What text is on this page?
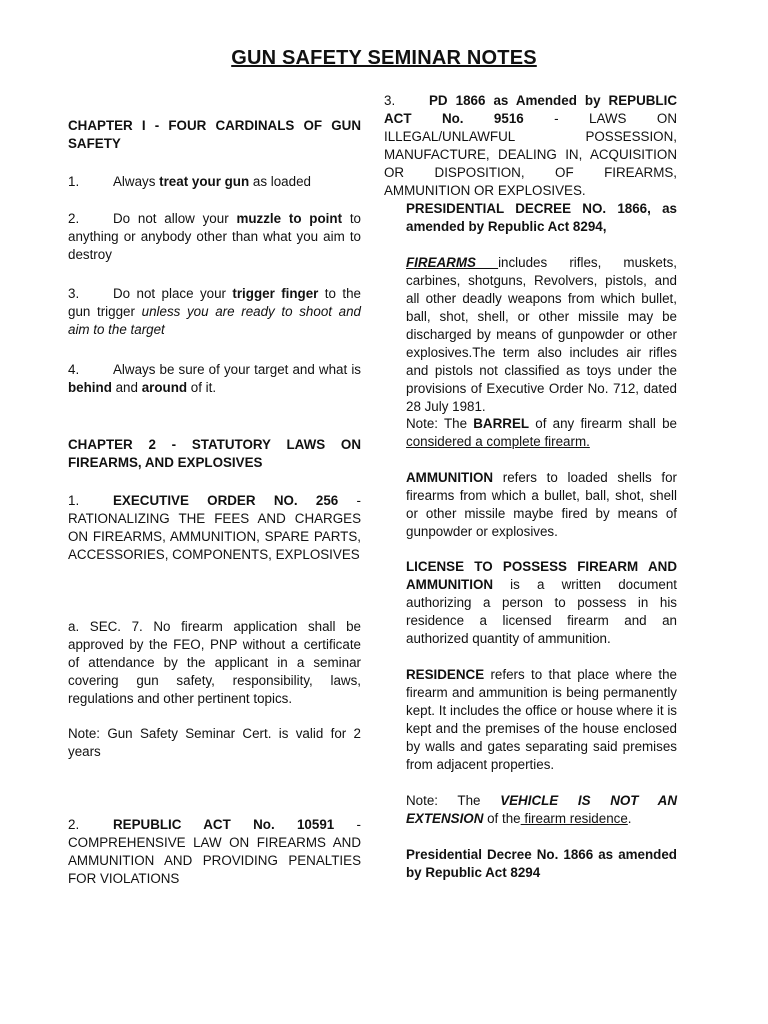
GUN SAFETY SEMINAR NOTES

CHAPTER I - FOUR CARDINALS OF GUN SAFETY

1.	Always treat your gun as loaded

2.	Do not allow your muzzle to point to anything or anybody other than what you aim to destroy

3.	Do not place your trigger finger to the gun trigger unless you are ready to shoot and aim to the target

4.	Always be sure of your target and what is behind and around of it.

CHAPTER 2 - STATUTORY LAWS ON FIREARMS, AND EXPLOSIVES

1.	EXECUTIVE ORDER NO. 256 - RATIONALIZING THE FEES AND CHARGES ON FIREARMS, AMMUNITION, SPARE PARTS, ACCESSORIES, COMPONENTS, EXPLOSIVES

a. SEC. 7. No firearm application shall be approved by the FEO, PNP without a certificate of attendance by the applicant in a seminar covering gun safety, responsibility, laws, regulations and other pertinent topics.

Note: Gun Safety Seminar Cert. is valid for 2 years

2.	REPUBLIC ACT No. 10591 - COMPREHENSIVE LAW ON FIREARMS AND AMMUNITION AND PROVIDING PENALTIES FOR VIOLATIONS

3.	PD 1866 as Amended by REPUBLIC ACT No. 9516 - LAWS ON ILLEGAL/UNLAWFUL POSSESSION, MANUFACTURE, DEALING IN, ACQUISITION OR DISPOSITION, OF FIREARMS, AMMUNITION OR EXPLOSIVES.

PRESIDENTIAL DECREE NO. 1866, as amended by Republic Act 8294,

FIREARMS includes rifles, muskets, carbines, shotguns, Revolvers, pistols, and all other deadly weapons from which bullet, ball, shot, shell, or other missile may be discharged by means of gunpowder or other explosives.The term also includes air rifles and pistols not classified as toys under the provisions of Executive Order No. 712, dated 28 July 1981.

Note: The BARREL of any firearm shall be considered a complete firearm.

AMMUNITION refers to loaded shells for firearms from which a bullet, ball, shot, shell or other missile maybe fired by means of gunpowder or explosives.

LICENSE TO POSSESS FIREARM AND AMMUNITION is a written document authorizing a person to possess in his residence a licensed firearm and an authorized quantity of ammunition.

RESIDENCE refers to that place where the firearm and ammunition is being permanently kept. It includes the office or house where it is kept and the premises of the house enclosed by walls and gates separating said premises from adjacent properties.

Note: The VEHICLE IS NOT AN EXTENSION of the firearm residence.

Presidential Decree No. 1866 as amended by Republic Act 8294
